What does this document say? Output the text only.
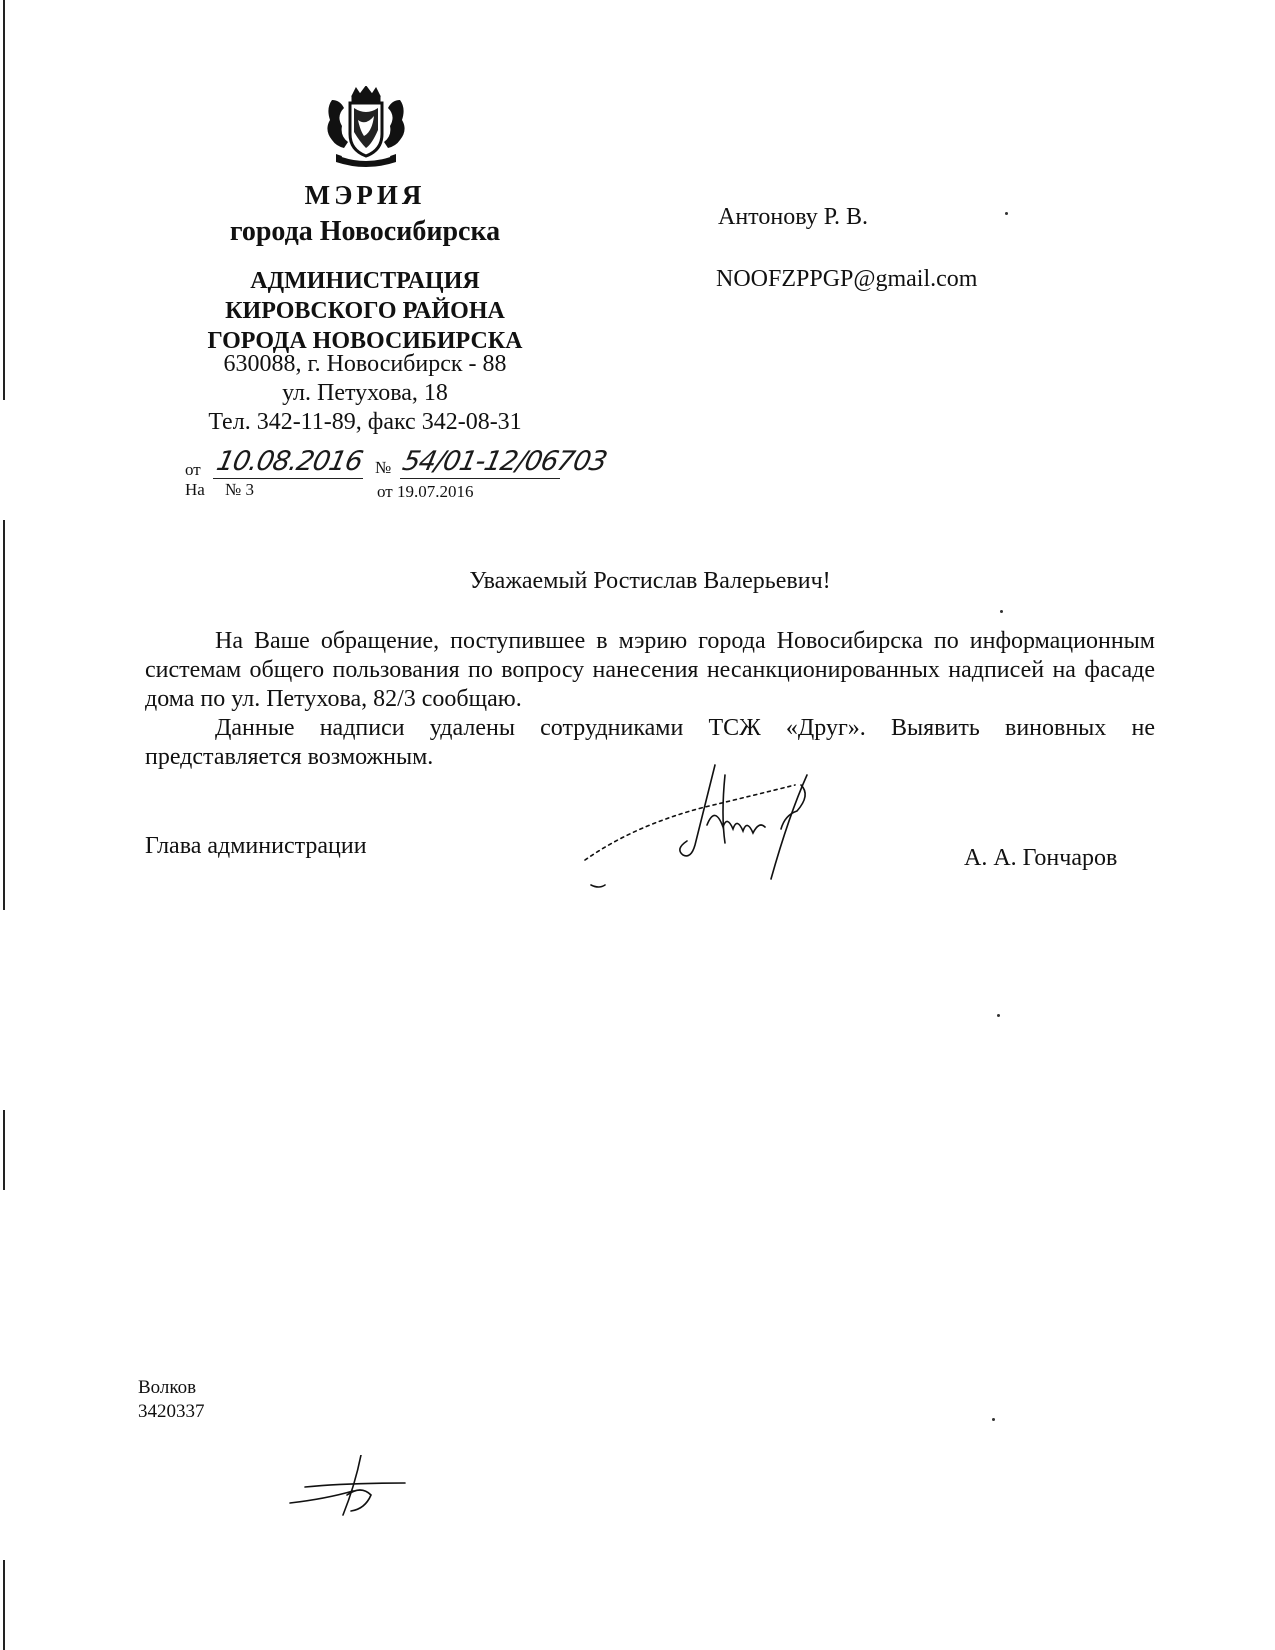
МЭРИЯ
города Новосибирска
АДМИНИСТРАЦИЯ
КИРОВСКОГО РАЙОНА
ГОРОДА НОВОСИБИРСКА
630088, г. Новосибирск - 88
ул. Петухова, 18
Тел. 342-11-89, факс 342-08-31
от 10.08.2016 № 54/01-12/06703
На № 3	от 19.07.2016
Антонову Р. В.
NOOFZPPGP@gmail.com
Уважаемый Ростислав Валерьевич!

На Ваше обращение, поступившее в мэрию города Новосибирска по информационным системам общего пользования по вопросу нанесения несанкционированных надписей на фасаде дома по ул. Петухова, 82/3 сообщаю.

Данные надписи удалены сотрудниками ТСЖ «Друг». Выявить виновных не представляется возможным.

Глава администрации	А. А. Гончаров
Волков
3420337
